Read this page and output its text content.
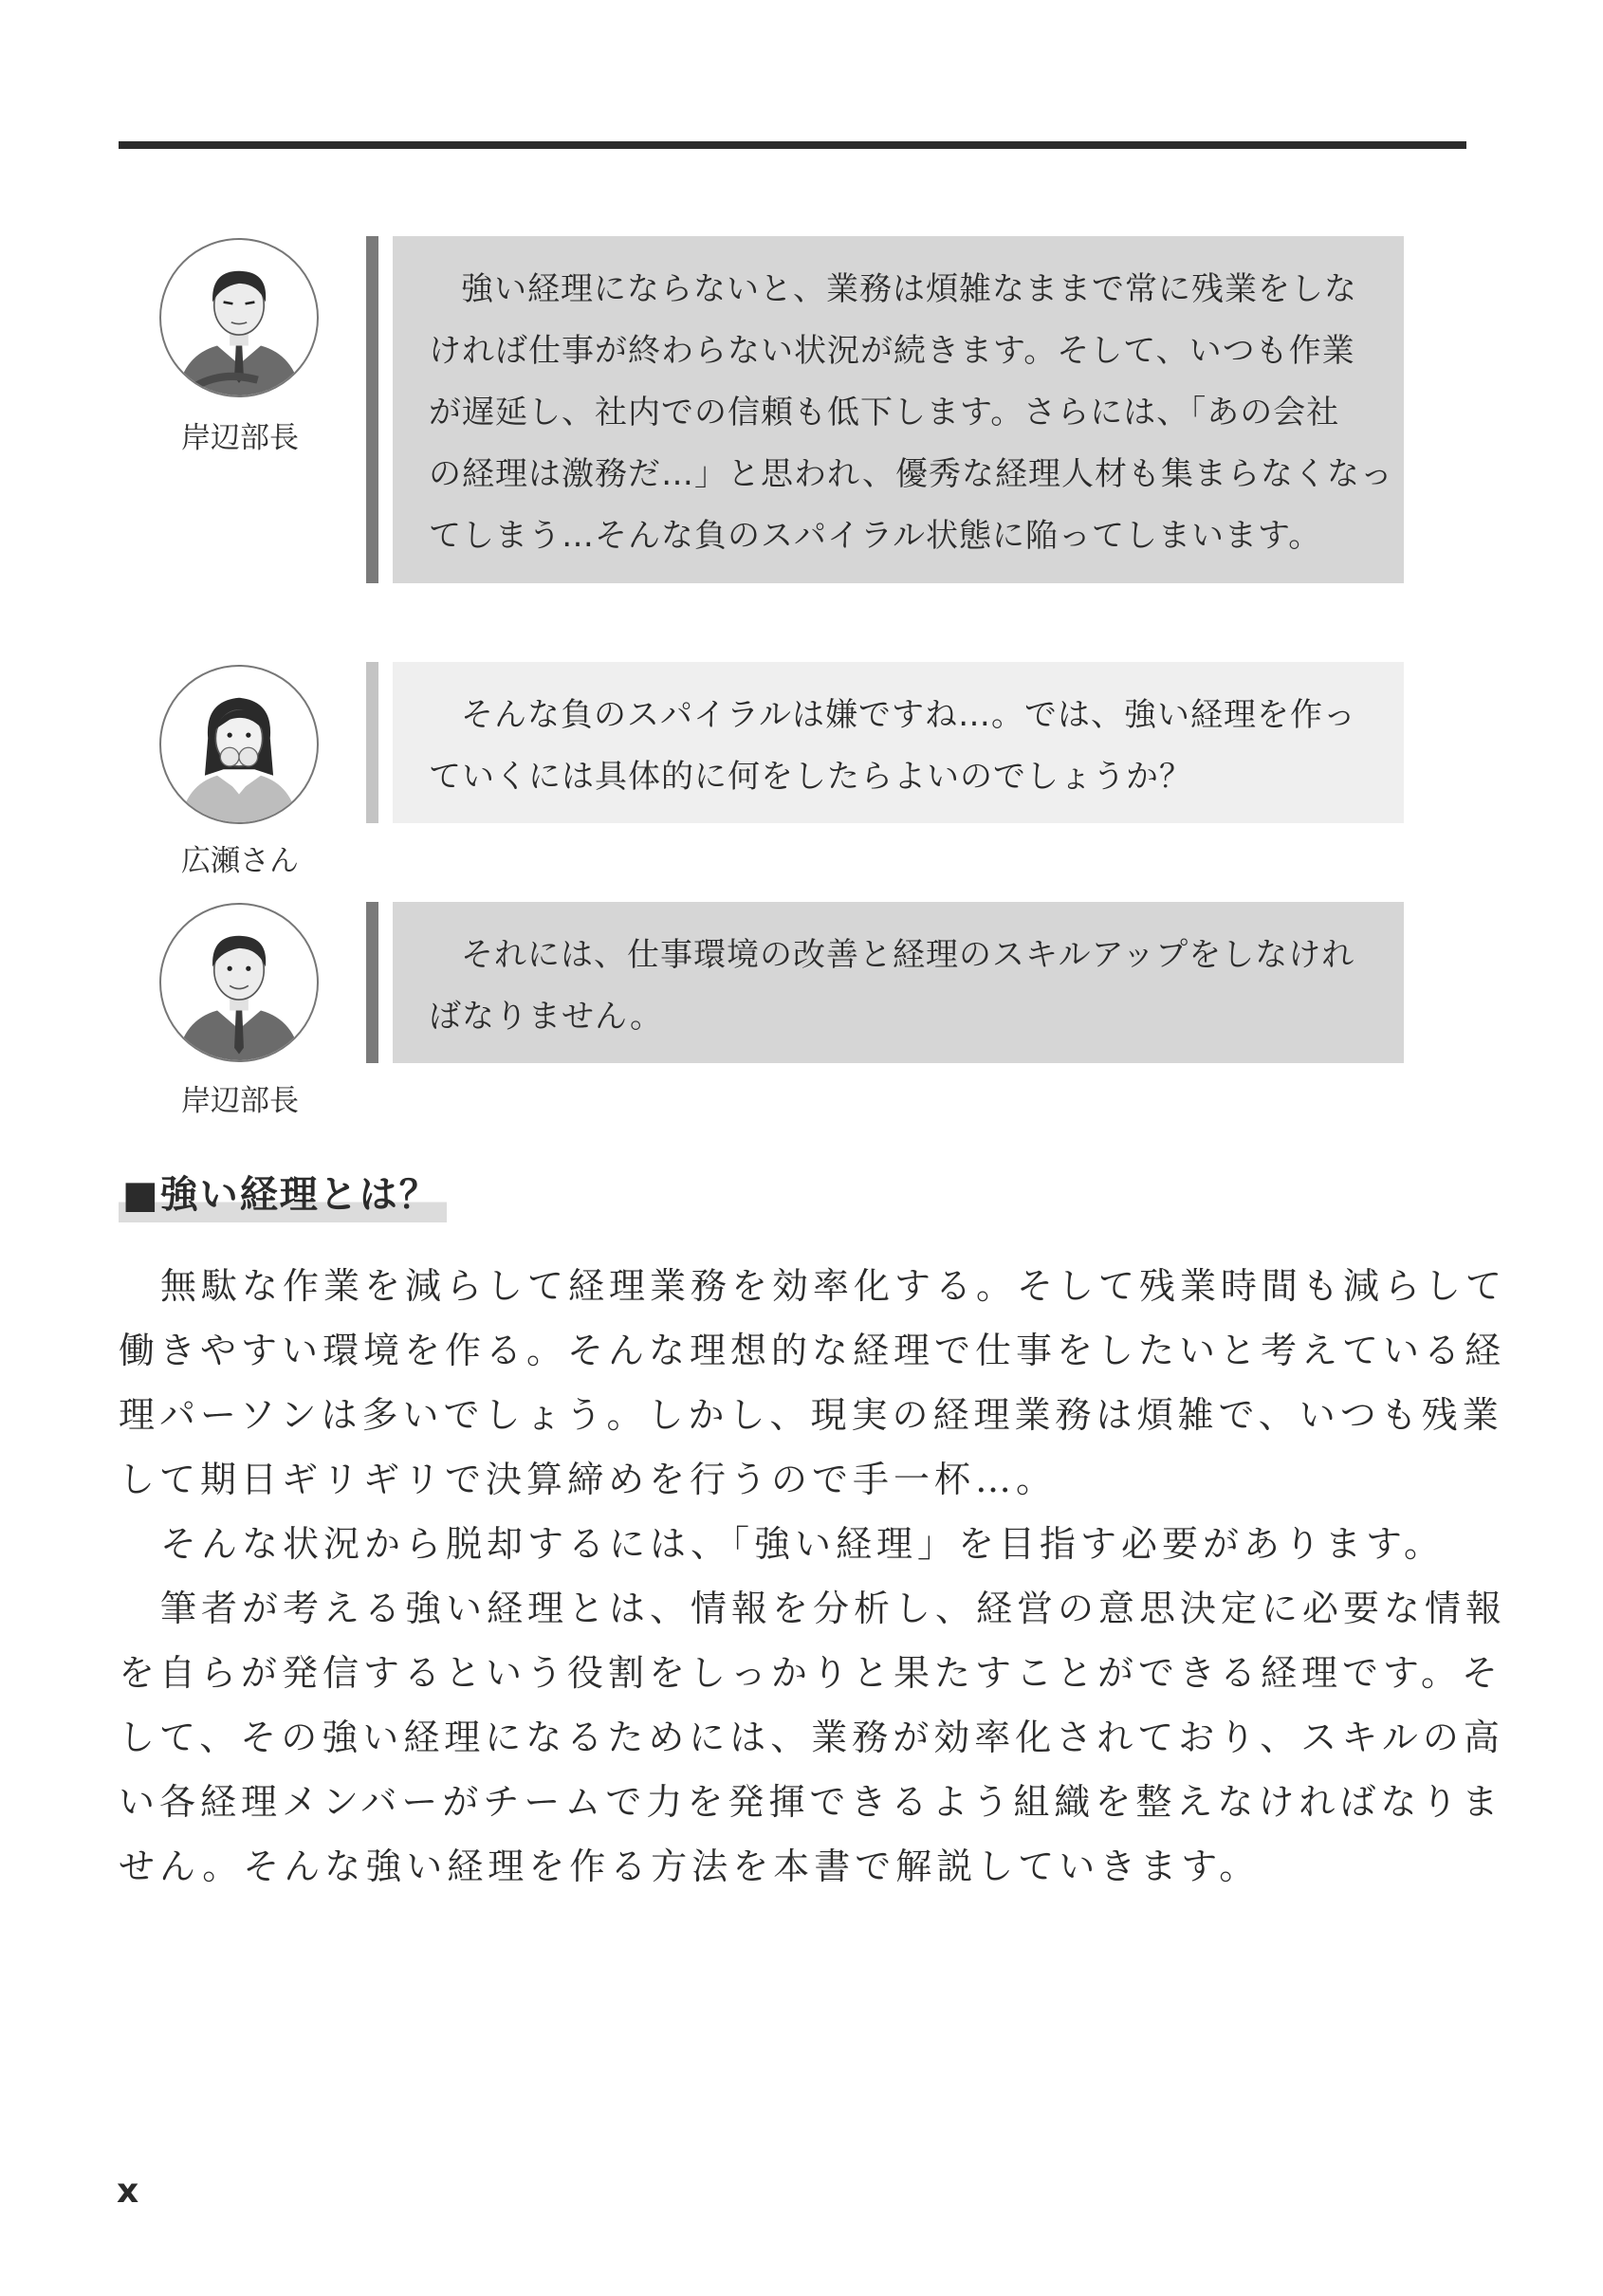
岸辺部長
強い経理にならないと、業務は煩雑なままで常に残業をしな
ければ仕事が終わらない状況が続きます。そして、いつも作業
が遅延し、社内での信頼も低下します。さらには、「あの会社
の経理は激務だ…」と思われ、優秀な経理人材も集まらなくなっ
てしまう…そんな負のスパイラル状態に陥ってしまいます。
広瀬さん
そんな負のスパイラルは嫌ですね…。では、強い経理を作っ
ていくには具体的に何をしたらよいのでしょうか？
岸辺部長
それには、仕事環境の改善と経理のスキルアップをしなけれ
ばなりません。
■強い経理とは？
無駄な作業を減らして経理業務を効率化する。そして残業時間も減らして
働きやすい環境を作る。そんな理想的な経理で仕事をしたいと考えている経
理パーソンは多いでしょう。しかし、現実の経理業務は煩雑で、いつも残業
して期日ギリギリで決算締めを行うので手一杯…。
そんな状況から脱却するには、「強い経理」を目指す必要があります。
筆者が考える強い経理とは、情報を分析し、経営の意思決定に必要な情報
を自らが発信するという役割をしっかりと果たすことができる経理です。そ
して、その強い経理になるためには、業務が効率化されており、スキルの高
い各経理メンバーがチームで力を発揮できるよう組織を整えなければなりま
せん。そんな強い経理を作る方法を本書で解説していきます。
x
